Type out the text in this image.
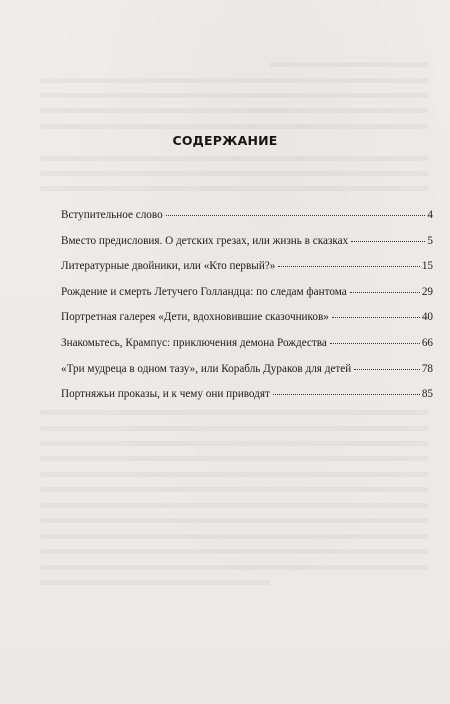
СОДЕРЖАНИЕ
Вступительное слово	4
Вместо предисловия. О детских грезах, или жизнь в сказках	5
Литературные двойники, или «Кто первый?»	15
Рождение и смерть Летучего Голландца: по следам фантома	29
Портретная галерея «Дети, вдохновившие сказочников»	40
Знакомьтесь, Крампус: приключения демона Рождества	66
«Три мудреца в одном тазу», или Корабль Дураков для детей	78
Портняжьи проказы, и к чему они приводят	85
